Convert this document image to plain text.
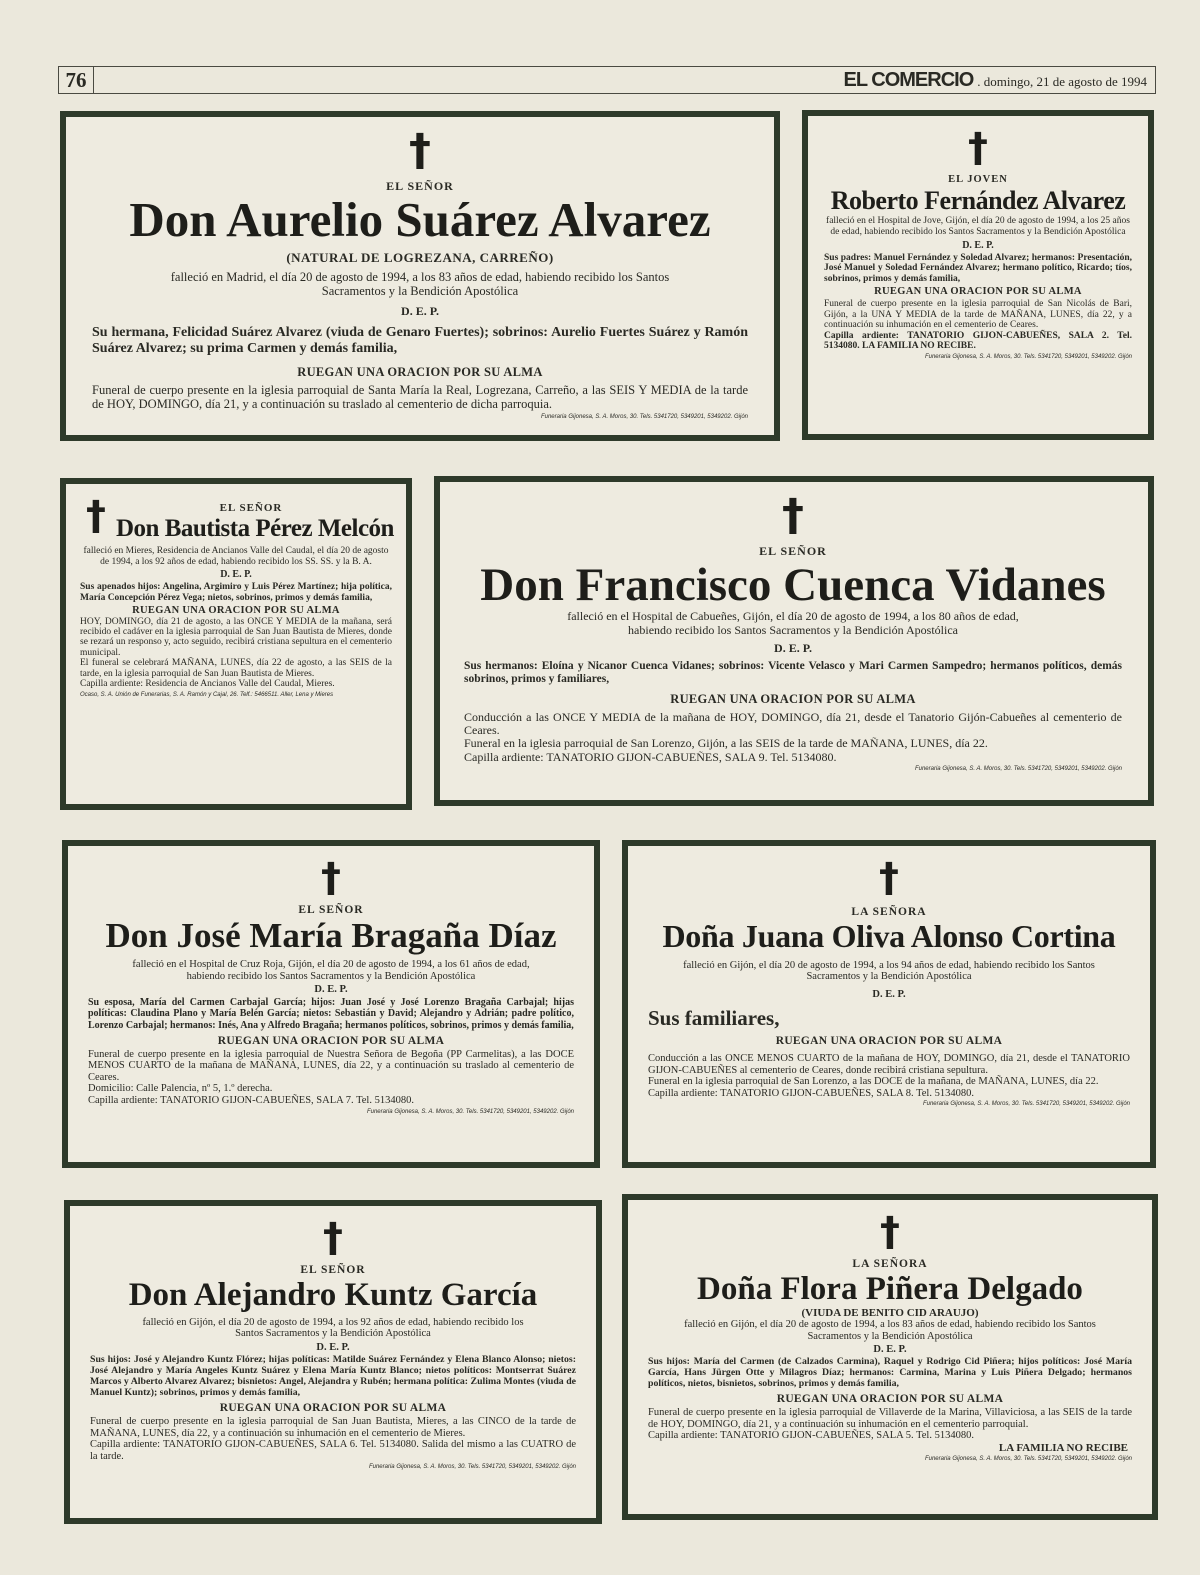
76	EL COMERCIO . domingo, 21 de agosto de 1994
†

EL SEÑOR

Don Aurelio Suárez Alvarez

(NATURAL DE LOGREZANA, CARREÑO)

falleció en Madrid, el día 20 de agosto de 1994, a los 83 años de edad, habiendo recibido los Santos Sacramentos y la Bendición Apostólica

D. E. P.

Su hermana, Felicidad Suárez Alvarez (viuda de Genaro Fuertes); sobrinos: Aurelio Fuertes Suárez y Ramón Suárez Alvarez; su prima Carmen y demás familia,

RUEGAN UNA ORACION POR SU ALMA

Funeral de cuerpo presente en la iglesia parroquial de Santa María la Real, Logrezana, Carreño, a las SEIS Y MEDIA de la tarde de HOY, DOMINGO, día 21, y a continuación su traslado al cementerio de dicha parroquia.

Funeraria Gijonesa, S. A. Moros, 30. Tels. 5341720, 5349201, 5349202. Gijón
†

EL JOVEN

Roberto Fernández Alvarez

falleció en el Hospital de Jove, Gijón, el día 20 de agosto de 1994, a los 25 años de edad, habiendo recibido los Santos Sacramentos y la Bendición Apostólica

D. E. P.

Sus padres: Manuel Fernández y Soledad Alvarez; hermanos: Presentación, José Manuel y Soledad Fernández Alvarez; hermano político, Ricardo; tíos, sobrinos, primos y demás familia,

RUEGAN UNA ORACION POR SU ALMA

Funeral de cuerpo presente en la iglesia parroquial de San Nicolás de Bari, Gijón, a la UNA Y MEDIA de la tarde de MAÑANA, LUNES, día 22, y a continuación su inhumación en el cementerio de Ceares.

Capilla ardiente: TANATORIO GIJON-CABUEÑES, SALA 2. Tel. 5134080. LA FAMILIA NO RECIBE.

Funeraria Gijonesa, S. A. Moros, 30. Tels. 5341720, 5349201, 5349202. Gijón
†	EL SEÑOR

Don Bautista Pérez Melcón

falleció en Mieres, Residencia de Ancianos Valle del Caudal, el día 20 de agosto de 1994, a los 92 años de edad, habiendo recibido los SS. SS. y la B. A.

D. E. P.

Sus apenados hijos: Angelina, Argimiro y Luis Pérez Martínez; hija política, María Concepción Pérez Vega; nietos, sobrinos, primos y demás familia,

RUEGAN UNA ORACION POR SU ALMA

HOY, DOMINGO, día 21 de agosto, a las ONCE Y MEDIA de la mañana, será recibido el cadáver en la iglesia parroquial de San Juan Bautista de Mieres, donde se rezará un responso y, acto seguido, recibirá cristiana sepultura en el cementerio municipal.

El funeral se celebrará MAÑANA, LUNES, día 22 de agosto, a las SEIS de la tarde, en la iglesia parroquial de San Juan Bautista de Mieres.

Capilla ardiente: Residencia de Ancianos Valle del Caudal, Mieres.

Ocaso, S. A. Unión de Funerarias, S. A. Ramón y Cajal, 26. Telf.: 5466511. Aller, Lena y Mieres
†

EL SEÑOR

Don Francisco Cuenca Vidanes

falleció en el Hospital de Cabueñes, Gijón, el día 20 de agosto de 1994, a los 80 años de edad, habiendo recibido los Santos Sacramentos y la Bendición Apostólica

D. E. P.

Sus hermanos: Eloína y Nicanor Cuenca Vidanes; sobrinos: Vicente Velasco y Mari Carmen Sampedro; hermanos políticos, demás sobrinos, primos y familiares,

RUEGAN UNA ORACION POR SU ALMA

Conducción a las ONCE Y MEDIA de la mañana de HOY, DOMINGO, día 21, desde el Tanatorio Gijón-Cabueñes al cementerio de Ceares.

Funeral en la iglesia parroquial de San Lorenzo, Gijón, a las SEIS de la tarde de MAÑANA, LUNES, día 22.

Capilla ardiente: TANATORIO GIJON-CABUEÑES, SALA 9. Tel. 5134080.

Funeraria Gijonesa, S. A. Moros, 30. Tels. 5341720, 5349201, 5349202. Gijón
†

EL SEÑOR

Don José María Bragaña Díaz

falleció en el Hospital de Cruz Roja, Gijón, el día 20 de agosto de 1994, a los 61 años de edad, habiendo recibido los Santos Sacramentos y la Bendición Apostólica

D. E. P.

Su esposa, María del Carmen Carbajal García; hijos: Juan José y José Lorenzo Bragaña Carbajal; hijas políticas: Claudina Plano y María Belén García; nietos: Sebastián y David; Alejandro y Adrián; padre político, Lorenzo Carbajal; hermanos: Inés, Ana y Alfredo Bragaña; hermanos políticos, sobrinos, primos y demás familia,

RUEGAN UNA ORACION POR SU ALMA

Funeral de cuerpo presente en la iglesia parroquial de Nuestra Señora de Begoña (PP Carmelitas), a las DOCE MENOS CUARTO de la mañana de MAÑANA, LUNES, día 22, y a continuación su traslado al cementerio de Ceares.

Domicilio: Calle Palencia, nº 5, 1.º derecha.

Capilla ardiente: TANATORIO GIJON-CABUEÑES, SALA 7. Tel. 5134080.

Funeraria Gijonesa, S. A. Moros, 30. Tels. 5341720, 5349201, 5349202. Gijón
†

LA SEÑORA

Doña Juana Oliva Alonso Cortina

falleció en Gijón, el día 20 de agosto de 1994, a los 94 años de edad, habiendo recibido los Santos Sacramentos y la Bendición Apostólica

D. E. P.

Sus familiares,

RUEGAN UNA ORACION POR SU ALMA

Conducción a las ONCE MENOS CUARTO de la mañana de HOY, DOMINGO, día 21, desde el TANATORIO GIJON-CABUEÑES al cementerio de Ceares, donde recibirá cristiana sepultura.

Funeral en la iglesia parroquial de San Lorenzo, a las DOCE de la mañana, de MAÑANA, LUNES, día 22.

Capilla ardiente: TANATORIO GIJON-CABUEÑES, SALA 8. Tel. 5134080.

Funeraria Gijonesa, S. A. Moros, 30. Tels. 5341720, 5349201, 5349202. Gijón
†

EL SEÑOR

Don Alejandro Kuntz García

falleció en Gijón, el día 20 de agosto de 1994, a los 92 años de edad, habiendo recibido los Santos Sacramentos y la Bendición Apostólica

D. E. P.

Sus hijos: José y Alejandro Kuntz Flórez; hijas políticas: Matilde Suárez Fernández y Elena Blanco Alonso; nietos: José Alejandro y María Angeles Kuntz Suárez y Elena María Kuntz Blanco; nietos políticos: Montserrat Suárez Marcos y Alberto Alvarez Alvarez; bisnietos: Angel, Alejandra y Rubén; hermana política: Zulima Montes (viuda de Manuel Kuntz); sobrinos, primos y demás familia,

RUEGAN UNA ORACION POR SU ALMA

Funeral de cuerpo presente en la iglesia parroquial de San Juan Bautista, Mieres, a las CINCO de la tarde de MAÑANA, LUNES, día 22, y a continuación su inhumación en el cementerio de Mieres.

Capilla ardiente: TANATORIO GIJON-CABUEÑES, SALA 6. Tel. 5134080. Salida del mismo a las CUATRO de la tarde.

Funeraria Gijonesa, S. A. Moros, 30. Tels. 5341720, 5349201, 5349202. Gijón
†

LA SEÑORA

Doña Flora Piñera Delgado

(VIUDA DE BENITO CID ARAUJO)

falleció en Gijón, el día 20 de agosto de 1994, a los 83 años de edad, habiendo recibido los Santos Sacramentos y la Bendición Apostólica

D. E. P.

Sus hijos: María del Carmen (de Calzados Carmina), Raquel y Rodrigo Cid Piñera; hijos políticos: José María García, Hans Jürgen Otte y Milagros Díaz; hermanos: Carmina, Marina y Luis Piñera Delgado; hermanos políticos, nietos, bisnietos, sobrinos, primos y demás familia,

RUEGAN UNA ORACION POR SU ALMA

Funeral de cuerpo presente en la iglesia parroquial de Villaverde de la Marina, Villaviciosa, a las SEIS de la tarde de HOY, DOMINGO, día 21, y a continuación su inhumación en el cementerio parroquial.

Capilla ardiente: TANATORIO GIJON-CABUEÑES, SALA 5. Tel. 5134080.

LA FAMILIA NO RECIBE

Funeraria Gijonesa, S. A. Moros, 30. Tels. 5341720, 5349201, 5349202. Gijón
